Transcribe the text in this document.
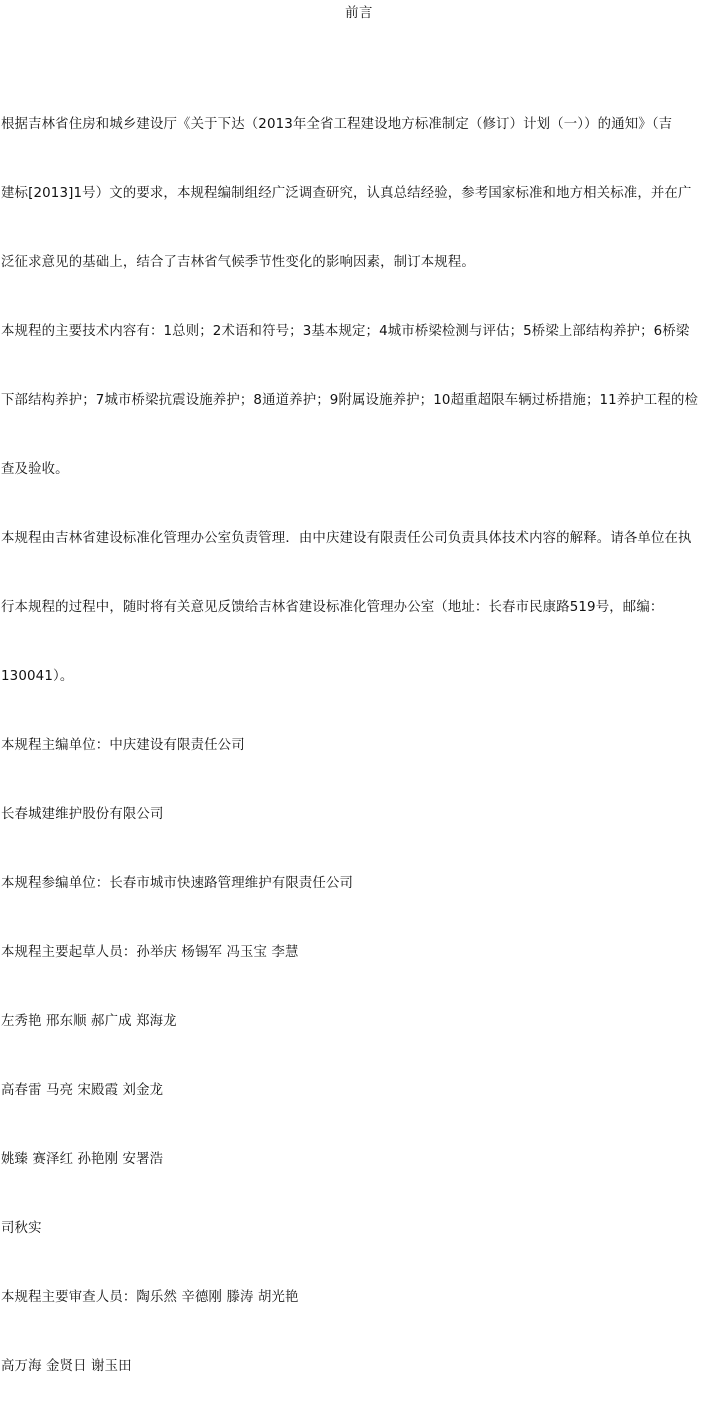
前言

根据吉林省住房和城乡建设厅《关于下达（2013年全省工程建设地方标准制定（修订）计划（一））的通知》（吉

建标[2013]1号）文的要求，本规程编制组经广泛调查研究，认真总结经验，参考国家标准和地方相关标准，并在广

泛征求意见的基础上，结合了吉林省气候季节性变化的影响因素，制订本规程。

本规程的主要技术内容有：1总则；2术语和符号；3基本规定；4城市桥梁检测与评估；5桥梁上部结构养护；6桥梁

下部结构养护；7城市桥梁抗震设施养护；8通道养护；9附属设施养护；10超重超限车辆过桥措施；11养护工程的检

查及验收。

本规程由吉林省建设标准化管理办公室负责管理．由中庆建设有限责任公司负责具体技术内容的解释。请各单位在执

行本规程的过程中，随时将有关意见反馈给吉林省建设标准化管理办公室（地址：长春市民康路519号，邮编：

130041）。

本规程主编单位：中庆建设有限责任公司

长春城建维护股份有限公司

本规程参编单位：长春市城市快速路管理维护有限责任公司

本规程主要起草人员：孙举庆 杨锡军 冯玉宝 李慧

左秀艳 邢东顺 郝广成 郑海龙

高春雷 马亮 宋殿霞 刘金龙

姚臻 赛泽红 孙艳刚 安署浩

司秋实

本规程主要审查人员：陶乐然 辛德刚 滕涛 胡光艳

高万海 金贤日 谢玉田
